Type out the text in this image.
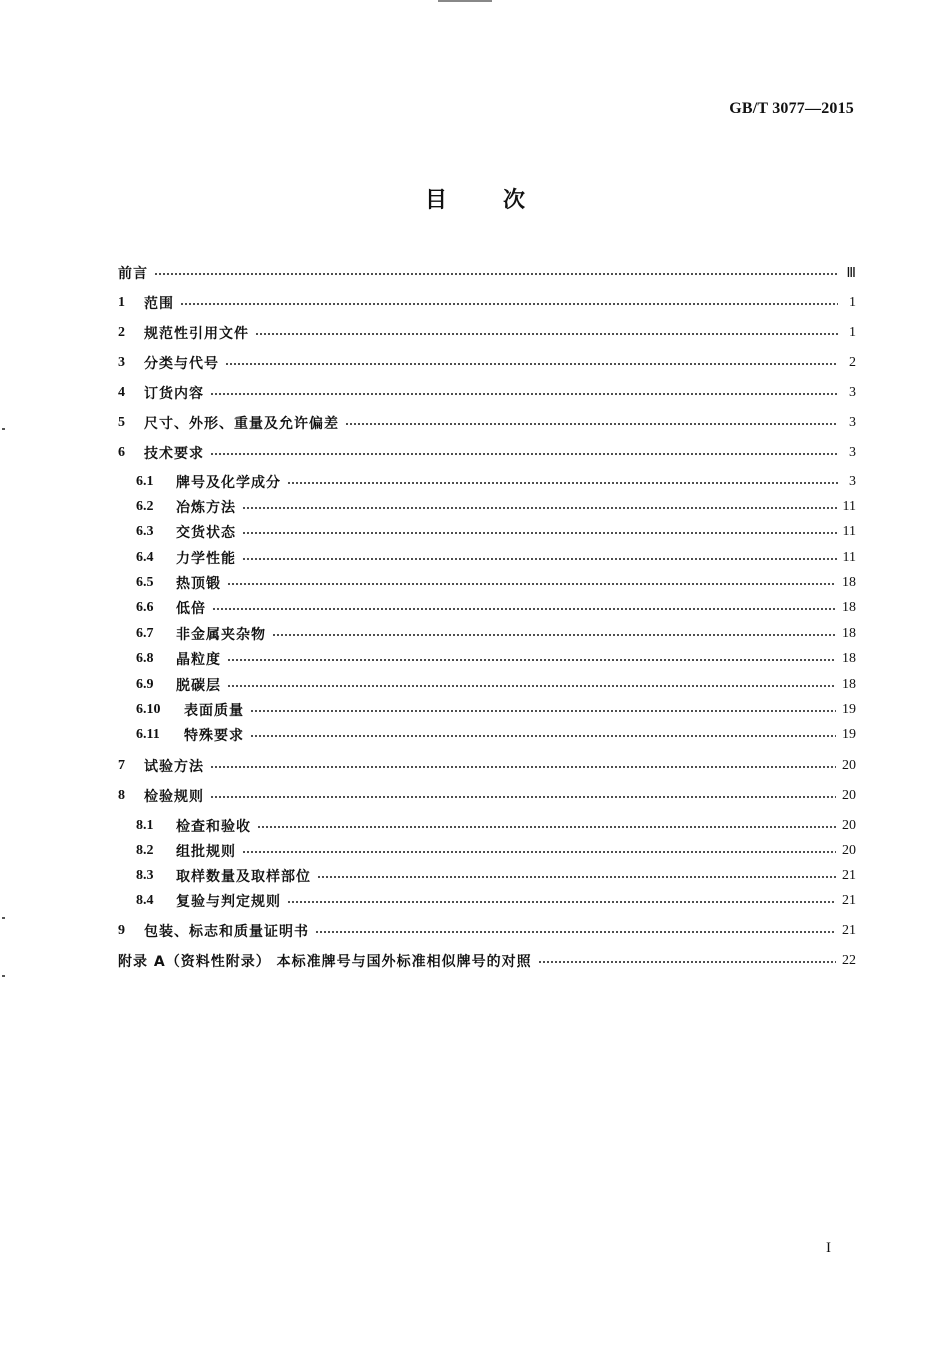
GB/T 3077—2015
目	次
前言	Ⅲ
1	范围	1
2	规范性引用文件	1
3	分类与代号	2
4	订货内容	3
5	尺寸、外形、重量及允许偏差	3
6	技术要求	3
6.1	牌号及化学成分	3
6.2	冶炼方法	11
6.3	交货状态	11
6.4	力学性能	11
6.5	热顶锻	18
6.6	低倍	18
6.7	非金属夹杂物	18
6.8	晶粒度	18
6.9	脱碳层	18
6.10	表面质量	19
6.11	特殊要求	19
7	试验方法	20
8	检验规则	20
8.1	检查和验收	20
8.2	组批规则	20
8.3	取样数量及取样部位	21
8.4	复验与判定规则	21
9	包装、标志和质量证明书	21
附录 A（资料性附录） 本标准牌号与国外标准相似牌号的对照	22
I
